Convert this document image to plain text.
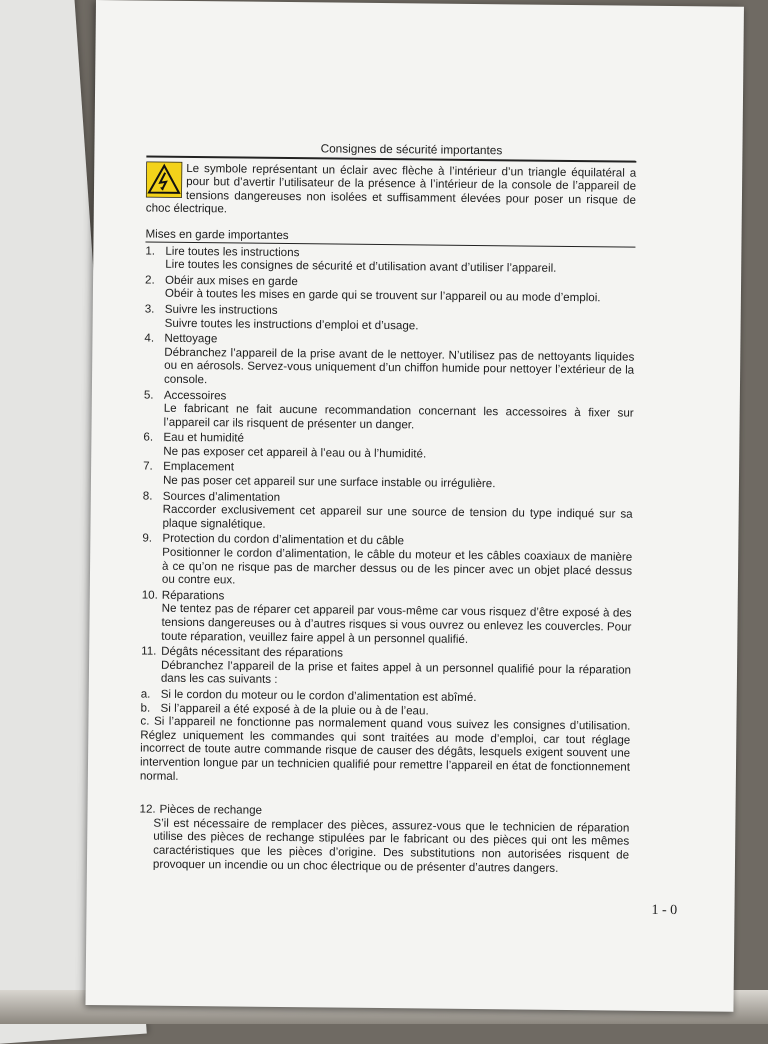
Consignes de sécurité importantes
Le symbole représentant un éclair avec flèche à l’intérieur d’un triangle équilatéral a pour but d’avertir l’utilisateur de la présence à l’intérieur de la console de l’appareil de tensions dangereuses non isolées et suffisamment élevées pour poser un risque de choc électrique.
Mises en garde importantes
1. Lire toutes les instructions
Lire toutes les consignes de sécurité et d’utilisation avant d’utiliser l’appareil.
2. Obéir aux mises en garde
Obéir à toutes les mises en garde qui se trouvent sur l’appareil ou au mode d’emploi.
3. Suivre les instructions
Suivre toutes les instructions d’emploi et d’usage.
4. Nettoyage
Débranchez l’appareil de la prise avant de le nettoyer. N’utilisez pas de nettoyants liquides ou en aérosols. Servez-vous uniquement d’un chiffon humide pour nettoyer l’extérieur de la console.
5. Accessoires
Le fabricant ne fait aucune recommandation concernant les accessoires à fixer sur l’appareil car ils risquent de présenter un danger.
6. Eau et humidité
Ne pas exposer cet appareil à l’eau ou à l’humidité.
7. Emplacement
Ne pas poser cet appareil sur une surface instable ou irrégulière.
8. Sources d’alimentation
Raccorder exclusivement cet appareil sur une source de tension du type indiqué sur sa plaque signalétique.
9. Protection du cordon d’alimentation et du câble
Positionner le cordon d’alimentation, le câble du moteur et les câbles coaxiaux de manière à ce qu’on ne risque pas de marcher dessus ou de les pincer avec un objet placé dessus ou contre eux.
10. Réparations
Ne tentez pas de réparer cet appareil par vous-même car vous risquez d’être exposé à des tensions dangereuses ou à d’autres risques si vous ouvrez ou enlevez les couvercles. Pour toute réparation, veuillez faire appel à un personnel qualifié.
11. Dégâts nécessitant des réparations
Débranchez l’appareil de la prise et faites appel à un personnel qualifié pour la réparation dans les cas suivants :
a. Si le cordon du moteur ou le cordon d’alimentation est abîmé.
b. Si l’appareil a été exposé à de la pluie ou à de l’eau.
c. Si l’appareil ne fonctionne pas normalement quand vous suivez les consignes d’utilisation. Réglez uniquement les commandes qui sont traitées au mode d’emploi, car tout réglage incorrect de toute autre commande risque de causer des dégâts, lesquels exigent souvent une intervention longue par un technicien qualifié pour remettre l’appareil en état de fonctionnement normal.
12. Pièces de rechange
S’il est nécessaire de remplacer des pièces, assurez-vous que le technicien de réparation utilise des pièces de rechange stipulées par le fabricant ou des pièces qui ont les mêmes caractéristiques que les pièces d’origine. Des substitutions non autorisées risquent de provoquer un incendie ou un choc électrique ou de présenter d’autres dangers.
1 - 0
